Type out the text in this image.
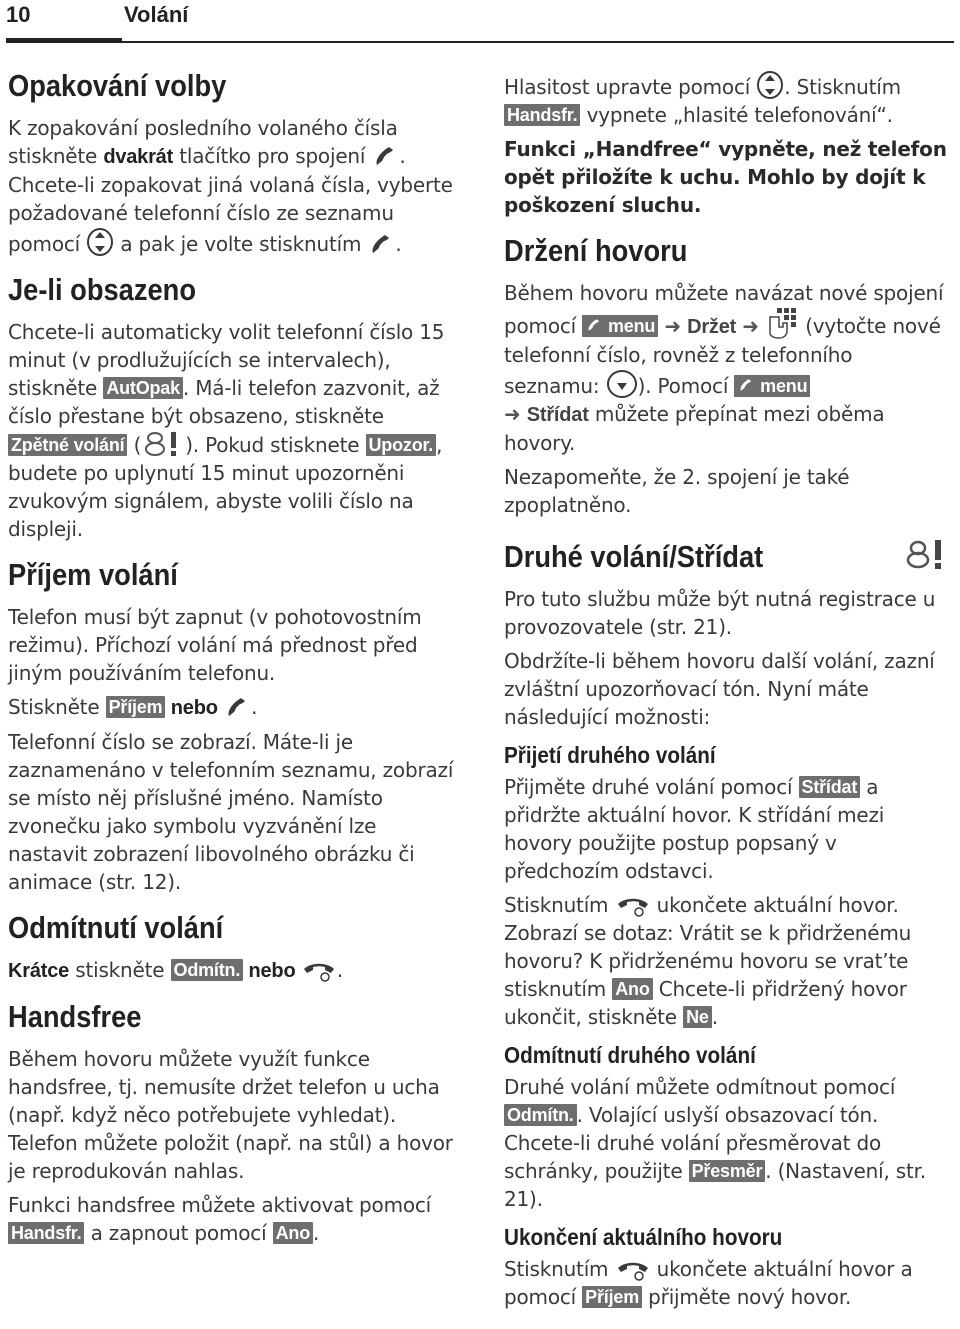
10	Volání
Opakování volby

K zopakování posledního volaného čísla stiskněte dvakrát tlačítko pro spojení . Chcete-li zopakovat jiná volaná čísla, vyberte požadované telefonní číslo ze seznamu pomocí  a pak je volte stisknutím .

Je-li obsazeno

Chcete-li automaticky volit telefonní číslo 15 minut (v prodlužujících se intervalech), stiskněte AutOpak . Má-li telefon zazvonit, až číslo přestane být obsazeno, stiskněte Zpětné volání ( ). Pokud stisknete Upozor. , budete po uplynutí 15 minut upozorněni zvukovým signálem, abyste volili číslo na displeji.

Příjem volání

Telefon musí být zapnut (v pohotovostním režimu). Příchozí volání má přednost před jiným používáním telefonu.

Stiskněte Příjem nebo .

Telefonní číslo se zobrazí. Máte-li je zaznamenáno v telefonním seznamu, zobrazí se místo něj příslušné jméno. Namísto zvonečku jako symbolu vyzvánění lze nastavit zobrazení libovolného obrázku či animace (str. 12).

Odmítnutí volání

Krátce stiskněte Odmítn. nebo .

Handsfree

Během hovoru můžete využít funkce handsfree, tj. nemusíte držet telefon u ucha (např. když něco potřebujete vyhledat). Telefon můžete položit (např. na stůl) a hovor je reprodukován nahlas.

Funkci handsfree můžete aktivovat pomocí Handsfr. a zapnout pomocí Ano .

Hlasitost upravte pomocí . Stisknutím Handsfr. vypnete „hlasité telefonování“.

Funkci „Handfree“ vypněte, než telefon opět přiložíte k uchu. Mohlo by dojít k poškození sluchu.

Držení hovoru

Během hovoru můžete navázat nové spojení pomocí  menu ➜ Držet ➜  (vytočte nové telefonní číslo, rovněž z telefonního seznamu: ). Pomocí  menu
➜ Střídat můžete přepínat mezi oběma hovory.

Nezapomeňte, že 2. spojení je také zpoplatněno.

Druhé volání/Střídat

Pro tuto službu může být nutná registrace u provozovatele (str. 21).

Obdržíte-li během hovoru další volání, zazní zvláštní upozorňovací tón. Nyní máte následující možnosti:

Přijetí druhého volání

Přijměte druhé volání pomocí Střídat a přidržte aktuální hovor. K střídání mezi hovory použijte postup popsaný v předchozím odstavci.

Stisknutím  ukončete aktuální hovor. Zobrazí se dotaz: Vrátit se k přidrženému hovoru? K přidrženému hovoru se vrat’te stisknutím Ano Chcete-li přidržený hovor ukončit, stiskněte Ne .

Odmítnutí druhého volání

Druhé volání můžete odmítnout pomocí Odmítn. . Volající uslyší obsazovací tón. Chcete-li druhé volání přesměrovat do schránky, použijte Přesměr . (Nastavení, str. 21).

Ukončení aktuálního hovoru

Stisknutím  ukončete aktuální hovor a pomocí Příjem přijměte nový hovor.
